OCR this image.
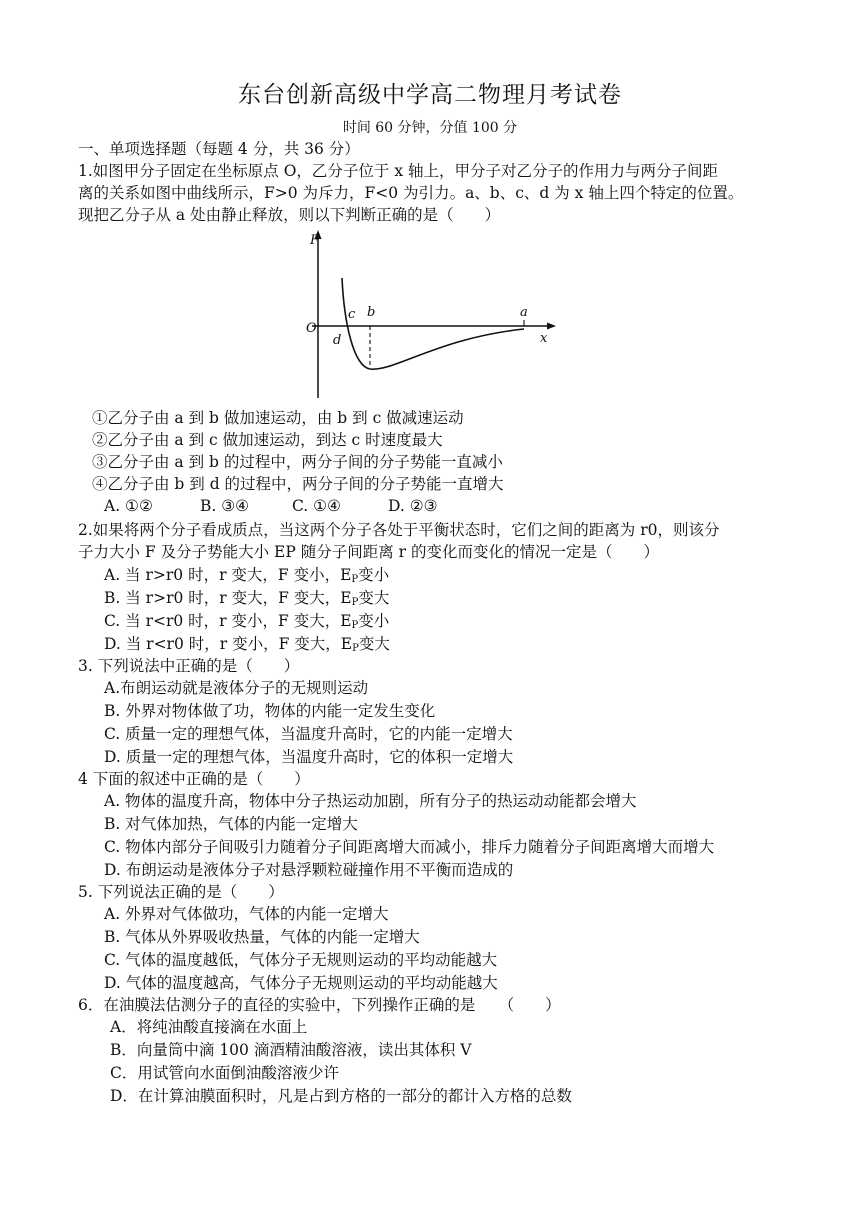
东台创新高级中学高二物理月考试卷
时间 60 分钟，分值 100 分
一、单项选择题（每题 4 分，共 36 分）
1.如图甲分子固定在坐标原点 O，乙分子位于 x 轴上，甲分子对乙分子的作用力与两分子间距
离的关系如图中曲线所示，F>0 为斥力，F<0 为引力。a、b、c、d 为 x 轴上四个特定的位置。
现把乙分子从 a 处由静止释放，则以下判断正确的是（　　）
F
O
x
a
b
c
d
①乙分子由 a 到 b 做加速运动，由 b 到 c 做减速运动
②乙分子由 a 到 c 做加速运动，到达 c 时速度最大
③乙分子由 a 到 b 的过程中，两分子间的分子势能一直减小
④乙分子由 b 到 d 的过程中，两分子间的分子势能一直增大
A. ①②	B. ③④	C. ①④	D. ②③
2.如果将两个分子看成质点，当这两个分子各处于平衡状态时，它们之间的距离为 r0，则该分
子力大小 F 及分子势能大小 EP 随分子间距离 r 的变化而变化的情况一定是（　　）
A. 当 r>r0 时，r 变大，F 变小，$E_P$变小
B. 当 r>r0 时，r 变大，F 变大，$E_P$变大
C. 当 r<r0 时，r 变小，F 变大，$E_P$变小
D. 当 r<r0 时，r 变小，F 变大，$E_P$变大
3. 下列说法中正确的是（　　）
A.布朗运动就是液体分子的无规则运动
B. 外界对物体做了功，物体的内能一定发生变化
C. 质量一定的理想气体，当温度升高时，它的内能一定增大
D. 质量一定的理想气体，当温度升高时，它的体积一定增大
4 下面的叙述中正确的是（　　）
A. 物体的温度升高，物体中分子热运动加剧，所有分子的热运动动能都会增大
B. 对气体加热，气体的内能一定增大
C. 物体内部分子间吸引力随着分子间距离增大而减小，排斥力随着分子间距离增大而增大
D. 布朗运动是液体分子对悬浮颗粒碰撞作用不平衡而造成的
5. 下列说法正确的是（　　）
A. 外界对气体做功，气体的内能一定增大
B. 气体从外界吸收热量，气体的内能一定增大
C. 气体的温度越低，气体分子无规则运动的平均动能越大
D. 气体的温度越高，气体分子无规则运动的平均动能越大
6．在油膜法估测分子的直径的实验中，下列操作正确的是　　（　　）
A．将纯油酸直接滴在水面上
B．向量筒中滴 100 滴酒精油酸溶液，读出其体积 V
C．用试管向水面倒油酸溶液少许
D．在计算油膜面积时，凡是占到方格的一部分的都计入方格的总数
